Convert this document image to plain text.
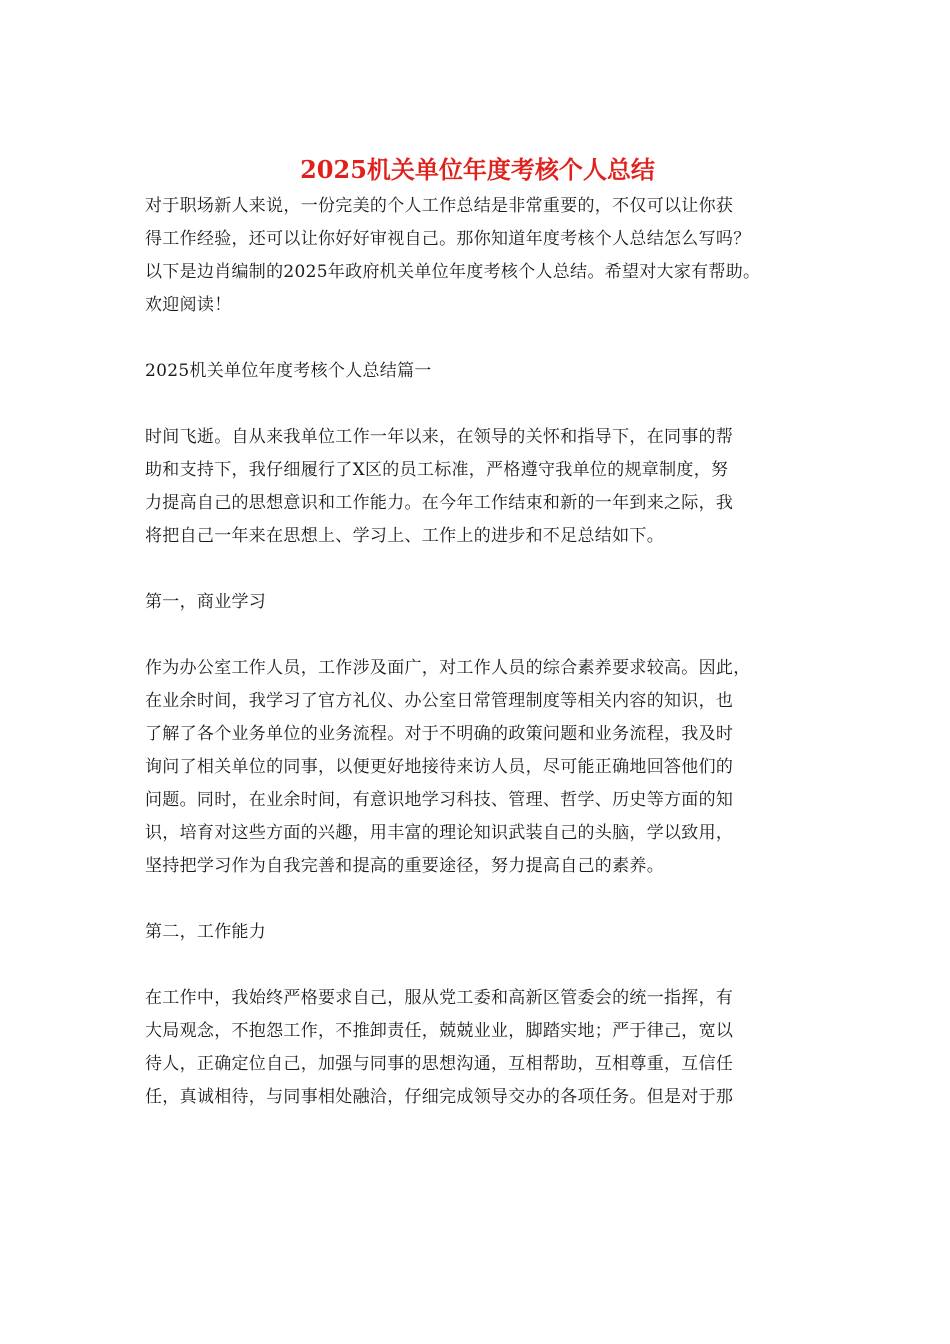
2025机关单位年度考核个人总结
对于职场新人来说，一份完美的个人工作总结是非常重要的，不仅可以让你获
得工作经验，还可以让你好好审视自己。那你知道年度考核个人总结怎么写吗？
以下是边肖编制的2025年政府机关单位年度考核个人总结。希望对大家有帮助。
欢迎阅读！
2025机关单位年度考核个人总结篇一
时间飞逝。自从来我单位工作一年以来，在领导的关怀和指导下，在同事的帮
助和支持下，我仔细履行了X区的员工标准，严格遵守我单位的规章制度，努
力提高自己的思想意识和工作能力。在今年工作结束和新的一年到来之际，我
将把自己一年来在思想上、学习上、工作上的进步和不足总结如下。
第一，商业学习
作为办公室工作人员，工作涉及面广，对工作人员的综合素养要求较高。因此，
在业余时间，我学习了官方礼仪、办公室日常管理制度等相关内容的知识，也
了解了各个业务单位的业务流程。对于不明确的政策问题和业务流程，我及时
询问了相关单位的同事，以便更好地接待来访人员，尽可能正确地回答他们的
问题。同时，在业余时间，有意识地学习科技、管理、哲学、历史等方面的知
识，培育对这些方面的兴趣，用丰富的理论知识武装自己的头脑，学以致用，
坚持把学习作为自我完善和提高的重要途径，努力提高自己的素养。
第二，工作能力
在工作中，我始终严格要求自己，服从党工委和高新区管委会的统一指挥，有
大局观念，不抱怨工作，不推卸责任，兢兢业业，脚踏实地；严于律己，宽以
待人，正确定位自己，加强与同事的思想沟通，互相帮助，互相尊重，互信任
任，真诚相待，与同事相处融洽，仔细完成领导交办的各项任务。但是对于那
